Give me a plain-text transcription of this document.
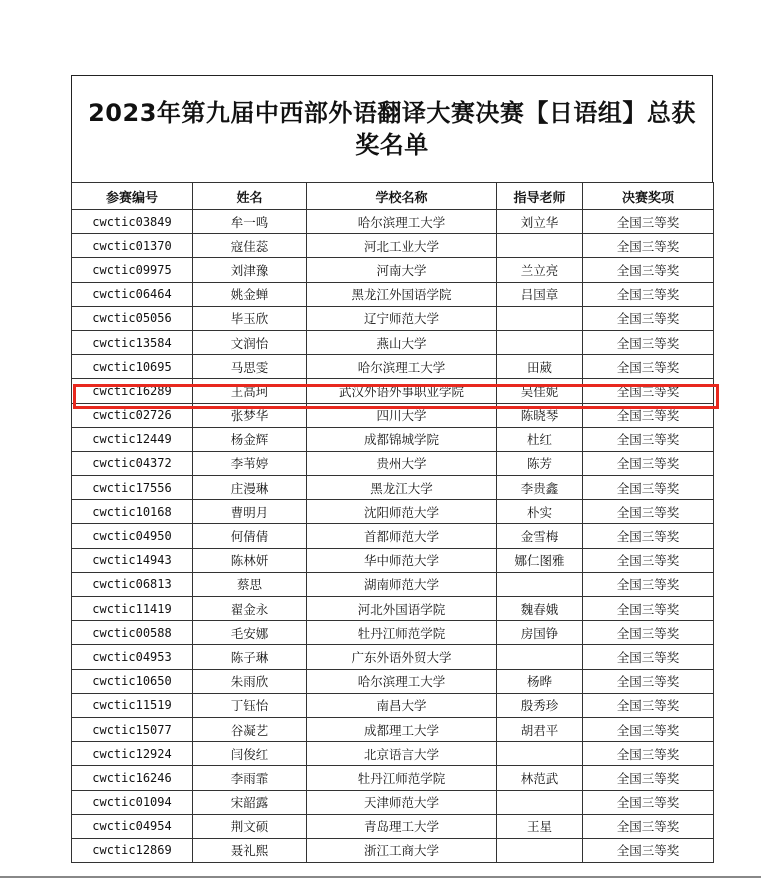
2023年第九届中西部外语翻译大赛决赛【日语组】总获奖名单
参赛编号	姓名	学校名称	指导老师	决赛奖项
cwctic03849	牟一鸣	哈尔滨理工大学	刘立华	全国三等奖
cwctic01370	寇佳蕊	河北工业大学		全国三等奖
cwctic09975	刘津豫	河南大学	兰立亮	全国三等奖
cwctic06464	姚金蝉	黑龙江外国语学院	吕国章	全国三等奖
cwctic05056	毕玉欣	辽宁师范大学		全国三等奖
cwctic13584	文润怡	燕山大学		全国三等奖
cwctic10695	马思雯	哈尔滨理工大学	田葳	全国三等奖
cwctic16289	王高珂	武汉外语外事职业学院	吴佳妮	全国三等奖
cwctic02726	张梦华	四川大学	陈晓琴	全国三等奖
cwctic12449	杨金辉	成都锦城学院	杜红	全国三等奖
cwctic04372	李苇婷	贵州大学	陈芳	全国三等奖
cwctic17556	庄漫琳	黑龙江大学	李贵鑫	全国三等奖
cwctic10168	曹明月	沈阳师范大学	朴实	全国三等奖
cwctic04950	何倩倩	首都师范大学	金雪梅	全国三等奖
cwctic14943	陈林妍	华中师范大学	娜仁图雅	全国三等奖
cwctic06813	蔡思	湖南师范大学		全国三等奖
cwctic11419	翟金永	河北外国语学院	魏春娥	全国三等奖
cwctic00588	毛安娜	牡丹江师范学院	房国铮	全国三等奖
cwctic04953	陈子琳	广东外语外贸大学		全国三等奖
cwctic10650	朱雨欣	哈尔滨理工大学	杨晔	全国三等奖
cwctic11519	丁钰怡	南昌大学	殷秀珍	全国三等奖
cwctic15077	谷凝艺	成都理工大学	胡君平	全国三等奖
cwctic12924	闫俊红	北京语言大学		全国三等奖
cwctic16246	李雨霏	牡丹江师范学院	林范武	全国三等奖
cwctic01094	宋韶露	天津师范大学		全国三等奖
cwctic04954	荆文硕	青岛理工大学	王星	全国三等奖
cwctic12869	聂礼熙	浙江工商大学		全国三等奖
